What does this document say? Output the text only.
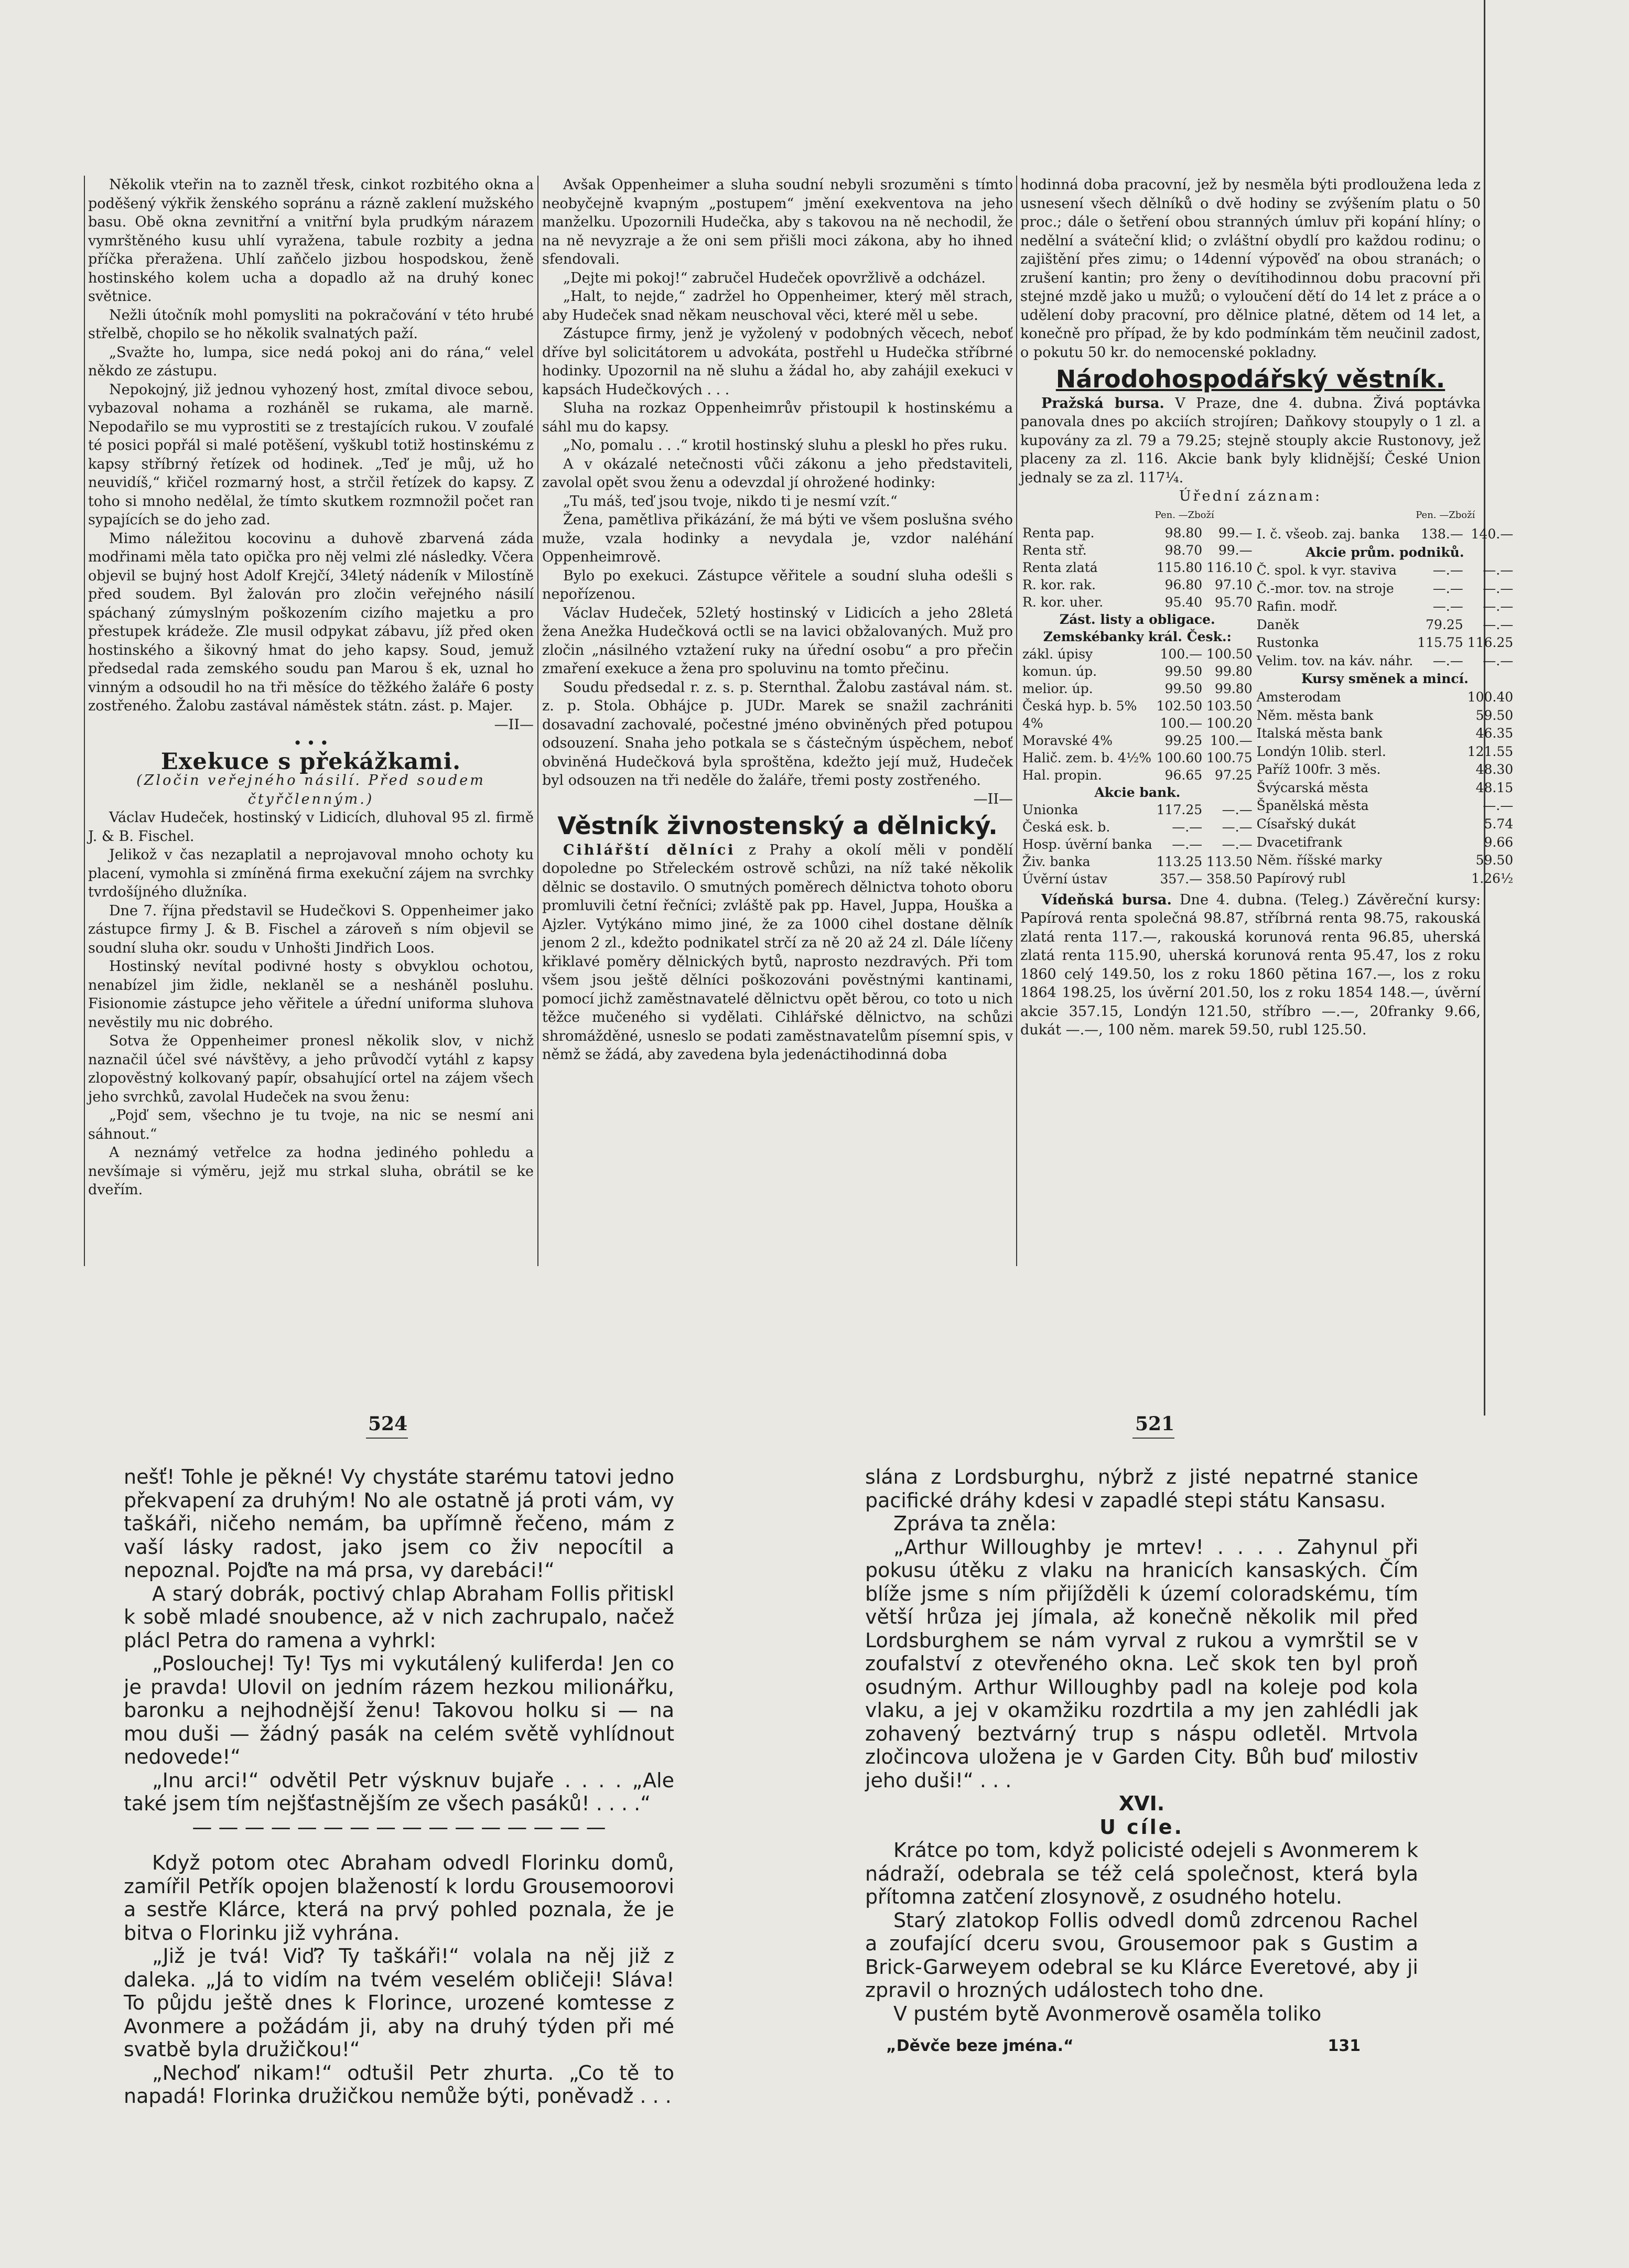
Několik vteřin na to zazněl třesk, cinkot rozbitého okna a poděšený výkřik ženského sopránu a rázně zaklení mužského basu. Obě okna zevnitřní a vnitřní byla prudkým nárazem vymrštěného kusu uhlí vyražena, tabule rozbity a jedna příčka přeražena. Uhlí zaňčelo jizbou hospodskou, ženě hostinského kolem ucha a dopadlo až na druhý konec světnice.

Nežli útočník mohl pomysliti na pokračování v této hrubé střelbě, chopilo se ho několik svalnatých paží.

„Svažte ho, lumpa, sice nedá pokoj ani do rána,“ velel někdo ze zástupu.

Nepokojný, již jednou vyhozený host, zmítal divoce sebou, vybazoval nohama a rozháněl se rukama, ale marně. Nepodařilo se mu vyprostiti se z trestajících rukou. V zoufalé té posici popřál si malé potěšení, vyškubl totiž hostinskému z kapsy stříbrný řetízek od hodinek. „Teď je můj, už ho neuvidíš,“ křičel rozmarný host, a strčil řetízek do kapsy. Z toho si mnoho nedělal, že tímto skutkem rozmnožil počet ran sypajících se do jeho zad.

Mimo náležitou kocovinu a duhově zbarvená záda modřinami měla tato opička pro něj velmi zlé následky. Včera objevil se bujný host Adolf Krejčí, 34letý nádeník v Milostíně před soudem. Byl žalován pro zločin veřejného násilí spáchaný zúmyslným poškozením cizího majetku a pro přestupek krádeže. Zle musil odpykat zábavu, jíž před oken hostinského a šikovný hmat do jeho kapsy. Soud, jemuž předsedal rada zemského soudu pan Marou š ek, uznal ho vinným a odsoudil ho na tři měsíce do těžkého žaláře 6 posty zostřeného. Žalobu zastával náměstek státn. zást. p. Majer.

—II—

• • •

Exekuce s překážkami.

(Zločin veřejného násilí. Před soudem

čtyřčlenným.)

Václav Hudeček, hostinský v Lidicích, dluhoval 95 zl. firmě J. & B. Fischel.

Jelikož v čas nezaplatil a neprojavoval mnoho ochoty ku placení, vymohla si zmíněná firma exekuční zájem na svrchky tvrdošíjného dlužníka.

Dne 7. října představil se Hudečkovi S. Oppenheimer jako zástupce firmy J. & B. Fischel a zároveň s ním objevil se soudní sluha okr. soudu v Unhošti Jindřich Loos.

Hostinský nevítal podivné hosty s obvyklou ochotou, nenabízel jim židle, neklaněl se a nesháněl posluhu. Fisionomie zástupce jeho věřitele a úřední uniforma sluhova nevěstily mu nic dobrého.

Sotva že Oppenheimer pronesl několik slov, v nichž naznačil účel své návštěvy, a jeho průvodčí vytáhl z kapsy zlopověstný kolkovaný papír, obsahující ortel na zájem všech jeho svrchků, zavolal Hudeček na svou ženu:

„Pojď sem, všechno je tu tvoje, na nic se nesmí ani sáhnout.“

A neznámý vetřelce za hodna jediného pohledu a nevšímaje si výměru, jejž mu strkal sluha, obrátil se ke dveřím.

Avšak Oppenheimer a sluha soudní nebyli srozuměni s tímto neobyčejně kvapným „postupem“ jmění exekventova na jeho manželku. Upozornili Hudečka, aby s takovou na ně nechodil, že na ně nevyzraje a že oni sem přišli moci zákona, aby ho ihned sfendovali.

„Dejte mi pokoj!“ zabručel Hudeček opovržlivě a odcházel.

„Halt, to nejde,“ zadržel ho Oppenheimer, který měl strach, aby Hudeček snad někam neuschoval věci, které měl u sebe.

Zástupce firmy, jenž je vyžolený v podobných věcech, neboť dříve byl solicitátorem u advokáta, postřehl u Hudečka stříbrné hodinky. Upozornil na ně sluhu a žádal ho, aby zahájil exekuci v kapsách Hudečkových . . .

Sluha na rozkaz Oppenheimrův přistoupil k hostinskému a sáhl mu do kapsy.

„No, pomalu . . .“ krotil hostinský sluhu a pleskl ho přes ruku.

A v okázalé netečnosti vůči zákonu a jeho představiteli, zavolal opět svou ženu a odevzdal jí ohrožené hodinky:

„Tu máš, teď jsou tvoje, nikdo ti je nesmí vzít.“

Žena, pamětliva přikázání, že má býti ve všem poslušna svého muže, vzala hodinky a nevydala je, vzdor naléhání Oppenheimrově.

Bylo po exekuci. Zástupce věřitele a soudní sluha odešli s nepořízenou.

Václav Hudeček, 52letý hostinský v Lidicích a jeho 28letá žena Anežka Hudečková octli se na lavici obžalovaných. Muž pro zločin „násilného vztažení ruky na úřední osobu“ a pro přečin zmaření exekuce a žena pro spoluvinu na tomto přečinu.

Soudu předsedal r. z. s. p. Sternthal. Žalobu zastával nám. st. z. p. Stola. Obhájce p. JUDr. Marek se snažil zachrániti dosavadní zachovalé, počestné jméno obviněných před potupou odsouzení. Snaha jeho potkala se s částečným úspěchem, neboť obviněná Hudečková byla sproštěna, kdežto její muž, Hudeček byl odsouzen na tři neděle do žaláře, třemi posty zostřeného.

—II—

Věstník živnostenský a dělnický.

Cihlářští dělníci z Prahy a okolí měli v pondělí dopoledne po Střeleckém ostrově schůzi, na níž také několik dělnic se dostavilo. O smutných poměrech dělnictva tohoto oboru promluvili četní řečníci; zvláště pak pp. Havel, Juppa, Houška a Ajzler. Vytýkáno mimo jiné, že za 1000 cihel dostane dělník jenom 2 zl., kdežto podnikatel strčí za ně 20 až 24 zl. Dále líčeny křiklavé poměry dělnických bytů, naprosto nezdravých. Při tom všem jsou ještě dělníci poškozováni pověstnými kantinami, pomocí jichž zaměstnavatelé dělnictvu opět běrou, co toto u nich těžce mučeného si vydělati. Cihlářské dělnictvo, na schůzi shromážděné, usneslo se podati zaměstnavatelům písemní spis, v němž se žádá, aby zavedena byla jedenáctihodinná doba

hodinná doba pracovní, jež by nesměla býti prodloužena leda z usnesení všech dělníků o dvě hodiny se zvýšením platu o 50 proc.; dále o šetření obou stranných úmluv při kopání hlíny; o nedělní a sváteční klid; o zvláštní obydlí pro každou rodinu; o zajištění přes zimu; o 14denní výpověď na obou stranách; o zrušení kantin; pro ženy o devítihodinnou dobu pracovní při stejné mzdě jako u mužů; o vyloučení dětí do 14 let z práce a o udělení doby pracovní, pro dělnice platné, dětem od 14 let, a konečně pro případ, že by kdo podmínkám těm neučinil zadost, o pokutu 50 kr. do nemocenské pokladny.

Národohospodářský věstník.

Pražská bursa. V Praze, dne 4. dubna. Živá poptávka panovala dnes po akciích strojíren; Daňkovy stoupyly o 1 zl. a kupovány za zl. 79 a 79.25; stejně stouply akcie Rustonovy, jež placeny za zl. 116. Akcie bank byly klidnější; České Union jednaly se za zl. 117¼.

Úřední záznam:

	Pen. —Zboží	
Renta pap.	98.80	99.—
Renta stř.	98.70	99.—
Renta zlatá	115.80	116.10
R. kor. rak.	96.80	97.10
R. kor. uher.	95.40	95.70
Zást. listy a obligace.		
Zemskébanky král. Česk.:		
zákl. úpisy	100.—	100.50
komun. úp.	99.50	99.80
melior. úp.	99.50	99.80
Česká hyp. b. 5%	102.50	103.50
4%	100.—	100.20
Moravské 4%	99.25	100.—
Halič. zem. b. 4½%	100.60	100.75
Hal. propin.	96.65	97.25
Akcie bank.		
Unionka	117.25	—.—
Česká esk. b.	—.—	—.—
Hosp. úvěrní banka	—.—	—.—
Živ. banka	113.25	113.50
Úvěrní ústav	357.—	358.50
	Pen. —Zboží	
I. č. všeob. zaj. banka	138.—	140.—
Akcie prům. podniků.		
Č. spol. k vyr. staviva	—.—	—.—
Č.-mor. tov. na stroje	—.—	—.—
Rafin. modř.	—.—	—.—
Daněk	79.25	—.—
Rustonka	115.75	116.25
Velim. tov. na káv. náhr.	—.—	—.—
Kursy směnek a mincí.		
Amsterodam		100.40
Něm. města bank		59.50
Italská města bank		46.35
Londýn 10lib. sterl.		121.55
Paříž 100fr. 3 měs.		48.30
Švýcarská města		48.15
Španělská města		—.—
Císařský dukát		5.74
Dvacetifrank		9.66
Něm. říšské marky		59.50
Papírový rubl		1.26½

Vídeňská bursa. Dne 4. dubna. (Teleg.) Závěreční kursy: Papírová renta společná 98.87, stříbrná renta 98.75, rakouská zlatá renta 117.—, rakouská korunová renta 96.85, uherská zlatá renta 115.90, uherská korunová renta 95.47, los z roku 1860 celý 149.50, los z roku 1860 pětina 167.—, los z roku 1864 198.25, los úvěrní 201.50, los z roku 1854 148.—, úvěrní akcie 357.15, Londýn 121.50, stříbro —.—, 20franky 9.66, dukát —.—, 100 něm. marek 59.50, rubl 125.50.

524	521

nešť! Tohle je pěkné! Vy chystáte starému tatovi jedno překvapení za druhým! No ale ostatně já proti vám, vy taškáři, ničeho nemám, ba upřímně řečeno, mám z vaší lásky radost, jako jsem co živ nepocítil a nepoznal. Pojďte na má prsa, vy darebáci!“

A starý dobrák, poctivý chlap Abraham Follis přitiskl k sobě mladé snoubence, až v nich zachrupalo, načež plácl Petra do ramena a vyhrkl:

„Poslouchej! Ty! Tys mi vykutálený kuliferda! Jen co je pravda! Ulovil on jedním rázem hezkou milionářku, baronku a nejhodnější ženu! Takovou holku si — na mou duši — žádný pasák na celém světě vyhlídnout nedovede!“

„Inu arci!“ odvětil Petr výsknuv bujaře . . . . „Ale také jsem tím nejšťastnějším ze všech pasáků! . . . .“

— — — — — — — — — — — — — — — —

Když potom otec Abraham odvedl Florinku domů, zamířil Petřík opojen blažeností k lordu Grousemoorovi a sestře Klárce, která na prvý pohled poznala, že je bitva o Florinku již vyhrána.

„Již je tvá! Viď? Ty taškáři!“ volala na něj již z daleka. „Já to vidím na tvém veselém obličeji! Sláva! To půjdu ještě dnes k Florince, urozené komtesse z Avonmere a požádám ji, aby na druhý týden při mé svatbě byla družičkou!“

„Nechoď nikam!“ odtušil Petr zhurta. „Co tě to napadá! Florinka družičkou nemůže býti, poněvadž . . .

slána z Lordsburghu, nýbrž z jisté nepatrné stanice pacifické dráhy kdesi v zapadlé stepi státu Kansasu.

Zpráva ta zněla:

„Arthur Willoughby je mrtev! . . . . Zahynul při pokusu útěku z vlaku na hranicích kansaských. Čím blíže jsme s ním přijížděli k území coloradskému, tím větší hrůza jej jímala, až konečně několik mil před Lordsburghem se nám vyrval z rukou a vymrštil se v zoufalství z otevřeného okna. Leč skok ten byl proň osudným. Arthur Willoughby padl na koleje pod kola vlaku, a jej v okamžiku rozdrtila a my jen zahlédli jak zohavený beztvárný trup s náspu odletěl. Mrtvola zločincova uložena je v Garden City. Bůh buď milostiv jeho duši!“ . . .

XVI.

U cíle.

Krátce po tom, když policisté odejeli s Avonmerem k nádraží, odebrala se též celá společnost, která byla přítomna zatčení zlosynově, z osudného hotelu.

Starý zlatokop Follis odvedl domů zdrcenou Rachel a zoufající dceru svou, Grousemoor pak s Gustim a Brick-Garweyem odebral se ku Klárce Everetové, aby ji zpravil o hrozných událostech toho dne.

V pustém bytě Avonmerově osaměla toliko

„Děvče beze jména.“	131
